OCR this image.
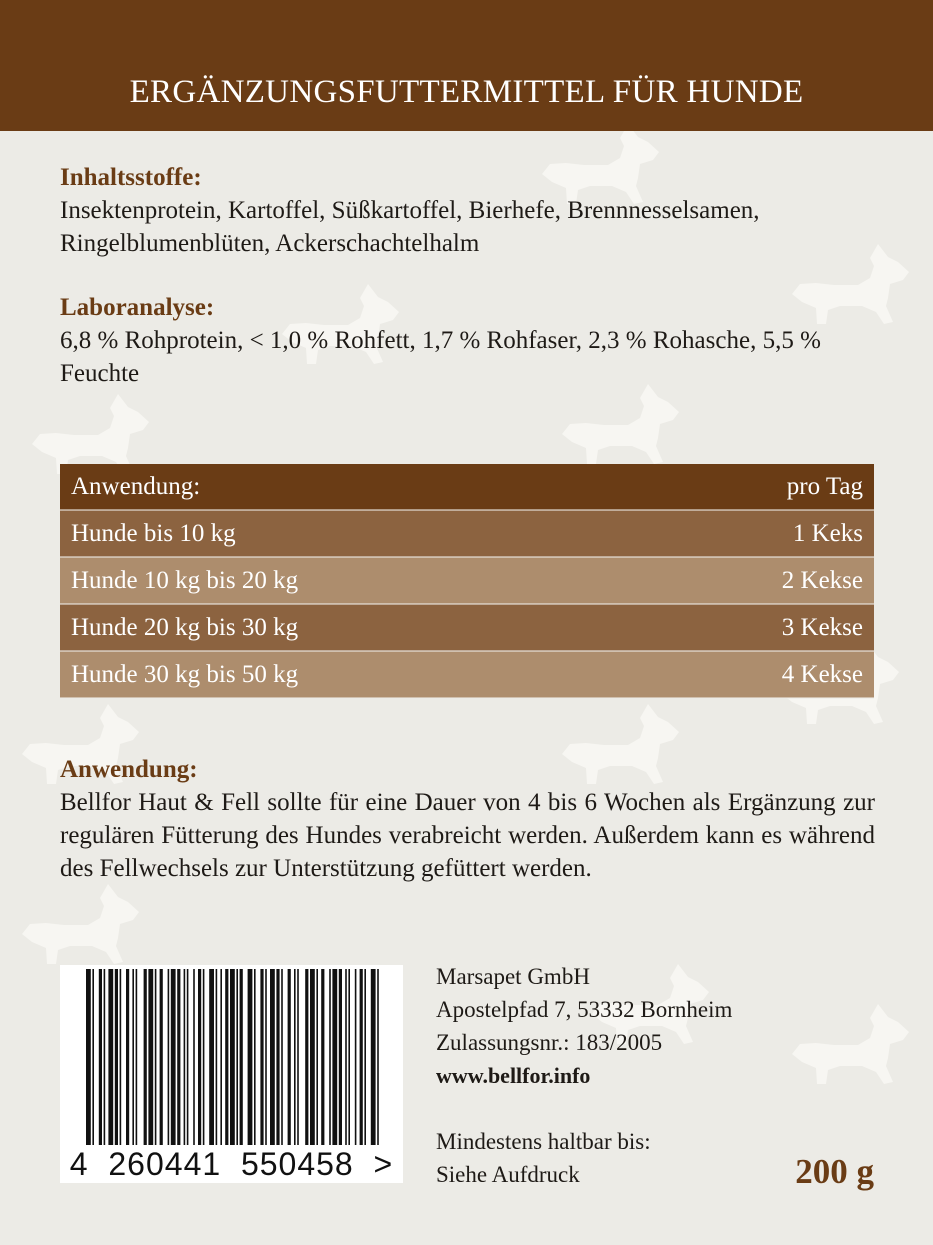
ERGÄNZUNGSFUTTERMITTEL FÜR HUNDE
Inhaltsstoffe:
Insektenprotein, Kartoffel, Süßkartoffel, Bierhefe, Brennnesselsamen, Ringelblumenblüten, Ackerschachtelhalm
Laboranalyse:
6,8 % Rohprotein, < 1,0 % Rohfett, 1,7 % Rohfaser, 2,3 % Rohasche, 5,5 % Feuchte
Anwendung:	pro Tag
Hunde bis 10 kg	1 Keks
Hunde 10 kg bis 20 kg	2 Kekse
Hunde 20 kg bis 30 kg	3 Kekse
Hunde 30 kg bis 50 kg	4 Kekse
Anwendung:
Bellfor Haut & Fell sollte für eine Dauer von 4 bis 6 Wochen als Ergänzung zur regulären Fütterung des Hundes verabreicht werden. Außerdem kann es während des Fellwechsels zur Unterstützung gefüttert werden.
4  260441  550458  >
Marsapet GmbH
Apostelpfad 7, 53332 Bornheim
Zulassungsnr.: 183/2005
www.bellfor.info
Mindestens haltbar bis:
Siehe Aufdruck	200 g
